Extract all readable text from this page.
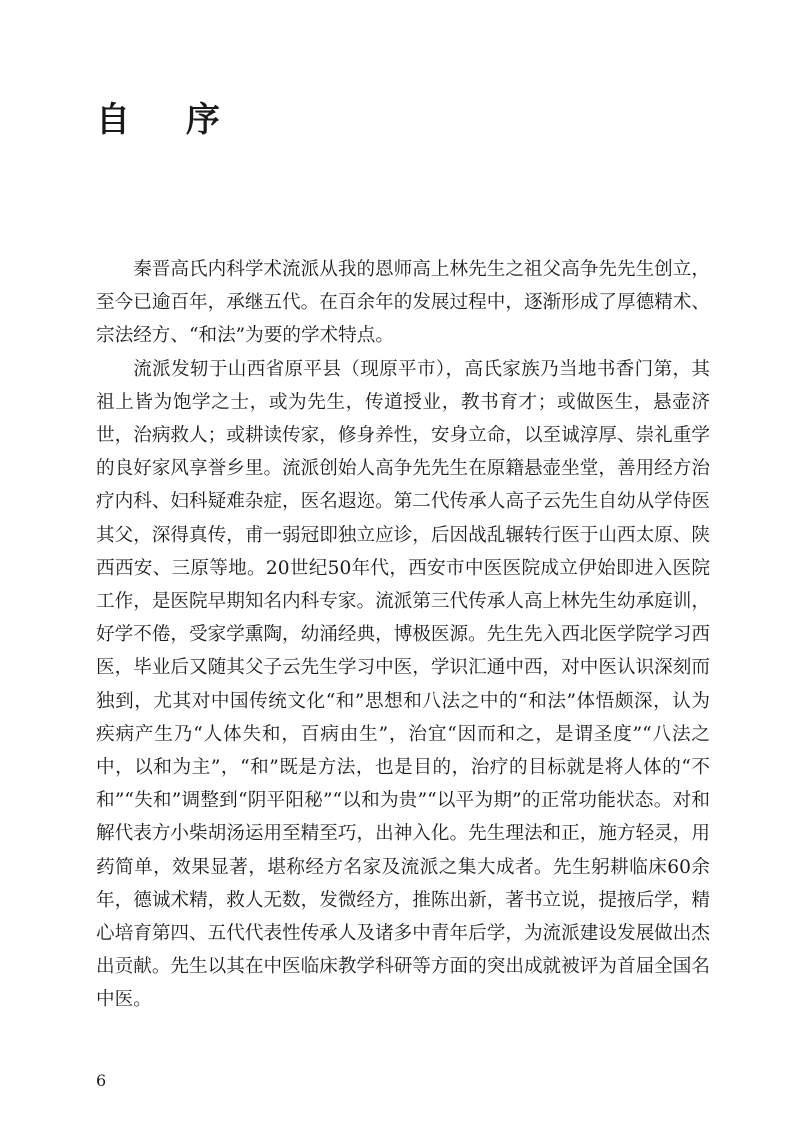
自 序

秦晋高氏内科学术流派从我的恩师高上林先生之祖父高争先先生创立，至今已逾百年，承继五代。在百余年的发展过程中，逐渐形成了厚德精术、宗法经方、“和法”为要的学术特点。

流派发轫于山西省原平县（现原平市），高氏家族乃当地书香门第，其祖上皆为饱学之士，或为先生，传道授业，教书育才；或做医生，悬壶济世，治病救人；或耕读传家，修身养性，安身立命，以至诚淳厚、崇礼重学的良好家风享誉乡里。流派创始人高争先先生在原籍悬壶坐堂，善用经方治疗内科、妇科疑难杂症，医名遐迩。第二代传承人高子云先生自幼从学侍医其父，深得真传，甫一弱冠即独立应诊，后因战乱辗转行医于山西太原、陕西西安、三原等地。20世纪50年代，西安市中医医院成立伊始即进入医院工作，是医院早期知名内科专家。流派第三代传承人高上林先生幼承庭训，好学不倦，受家学熏陶，幼涌经典，博极医源。先生先入西北医学院学习西医，毕业后又随其父子云先生学习中医，学识汇通中西，对中医认识深刻而独到，尤其对中国传统文化“和”思想和八法之中的“和法”体悟颇深，认为疾病产生乃“人体失和，百病由生”，治宜“因而和之，是谓圣度”“八法之中，以和为主”，“和”既是方法，也是目的，治疗的目标就是将人体的“不和”“失和”调整到“阴平阳秘”“以和为贵”“以平为期”的正常功能状态。对和解代表方小柴胡汤运用至精至巧，出神入化。先生理法和正，施方轻灵，用药简单，效果显著，堪称经方名家及流派之集大成者。先生躬耕临床60余年，德诚术精，救人无数，发微经方，推陈出新，著书立说，提掖后学，精心培育第四、五代代表性传承人及诸多中青年后学，为流派建设发展做出杰出贡献。先生以其在中医临床教学科研等方面的突出成就被评为首届全国名中医。

6
